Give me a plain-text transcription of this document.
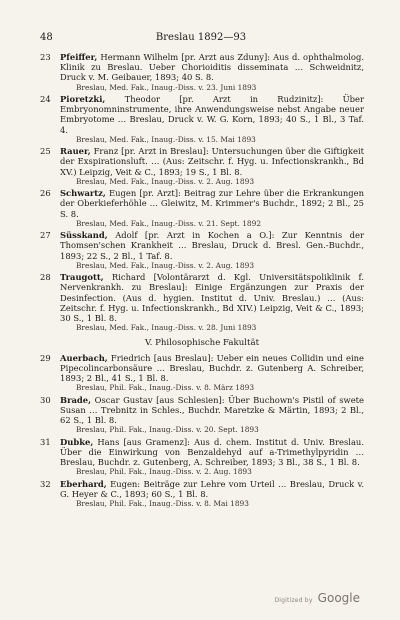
48	Breslau 1892—93
23 Pfeiffer, Hermann Wilhelm [pr. Arzt aus Zduny]: Aus d. ophthalmolog. Klinik zu Breslau. Ueber Chorioiditis disseminata … Schweidnitz, Druck v. M. Geibauer, 1893; 40 S. 8.
Breslau, Med. Fak., Inaug.-Diss. v. 23. Juni 1893
24 Pioretzki, Theodor [pr. Arzt in Rudzinitz]: Über Embryonomninstrumente, ihre Anwendungsweise nebst Angabe neuer Embryotome … Breslau, Druck v. W. G. Korn, 1893; 40 S., 1 Bl., 3 Taf. 4.
Breslau, Med. Fak., Inaug.-Diss. v. 15. Mai 1893
25 Rauer, Franz [pr. Arzt in Breslau]: Untersuchungen über die Giftigkeit der Exspirationsluft. … (Aus: Zeitschr. f. Hyg. u. Infectionskrankh., Bd XV.) Leipzig, Veit & C., 1893; 19 S., 1 Bl. 8.
Breslau, Med. Fak., Inaug.-Diss. v. 2. Aug. 1893
26 Schwartz, Eugen [pr. Arzt]: Beitrag zur Lehre über die Erkrankungen der Oberkieferhöhle … Gleiwitz, M. Krimmer's Buchdr., 1892; 2 Bl., 25 S. 8.
Breslau, Med. Fak., Inaug.-Diss. v. 21. Sept. 1892
27 Süsskand, Adolf [pr. Arzt in Kochen a O.]: Zur Kenntnis der Thomsen'schen Krankheit … Breslau, Druck d. Bresl. Gen.-Buchdr., 1893; 22 S., 2 Bl., 1 Taf. 8.
Breslau, Med. Fak., Inaug.-Diss. v. 2. Aug. 1893
28 Traugott, Richard [Volontärarzt d. Kgl. Universitätspoliklinik f. Nervenkrankh. zu Breslau]: Einige Ergänzungen zur Praxis der Desinfection. (Aus d. hygien. Institut d. Univ. Breslau.) … (Aus: Zeitschr. f. Hyg. u. Infectionskrankh., Bd XIV.) Leipzig, Veit & C., 1893; 30 S., 1 Bl. 8.
Breslau, Med. Fak., Inaug.-Diss. v. 28. Juni 1893
V. Philosophische Fakultät
29 Auerbach, Friedrich [aus Breslau]: Ueber ein neues Collidin und eine Pipecolincarbonsäure … Breslau, Buchdr. z. Gutenberg A. Schreiber, 1893; 2 Bl., 41 S., 1 Bl. 8.
Breslau, Phil. Fak., Inaug.-Diss. v. 8. März 1893
30 Brade, Oscar Gustav [aus Schlesien]: Über Buchown's Pistil of swete Susan … Trebnitz in Schles., Buchdr. Maretzke & Märtin, 1893; 2 Bl., 62 S., 1 Bl. 8.
Breslau, Phil. Fak., Inaug.-Diss. v. 20. Sept. 1893
31 Dubke, Hans [aus Gramenz]: Aus d. chem. Institut d. Univ. Breslau. Über die Einwirkung von Benzaldehyd auf a-Trimethylpyridin … Breslau, Buchdr. z. Gutenberg, A. Schreiber, 1893; 3 Bl., 38 S., 1 Bl. 8.
Breslau, Phil. Fak., Inaug.-Diss. v. 2. Aug. 1893
32 Eberhard, Eugen: Beiträge zur Lehre vom Urteil … Breslau, Druck v. G. Heyer & C., 1893; 60 S., 1 Bl. 8.
Breslau, Phil. Fak., Inaug.-Diss. v. 8. Mai 1893
Digitized by Google
